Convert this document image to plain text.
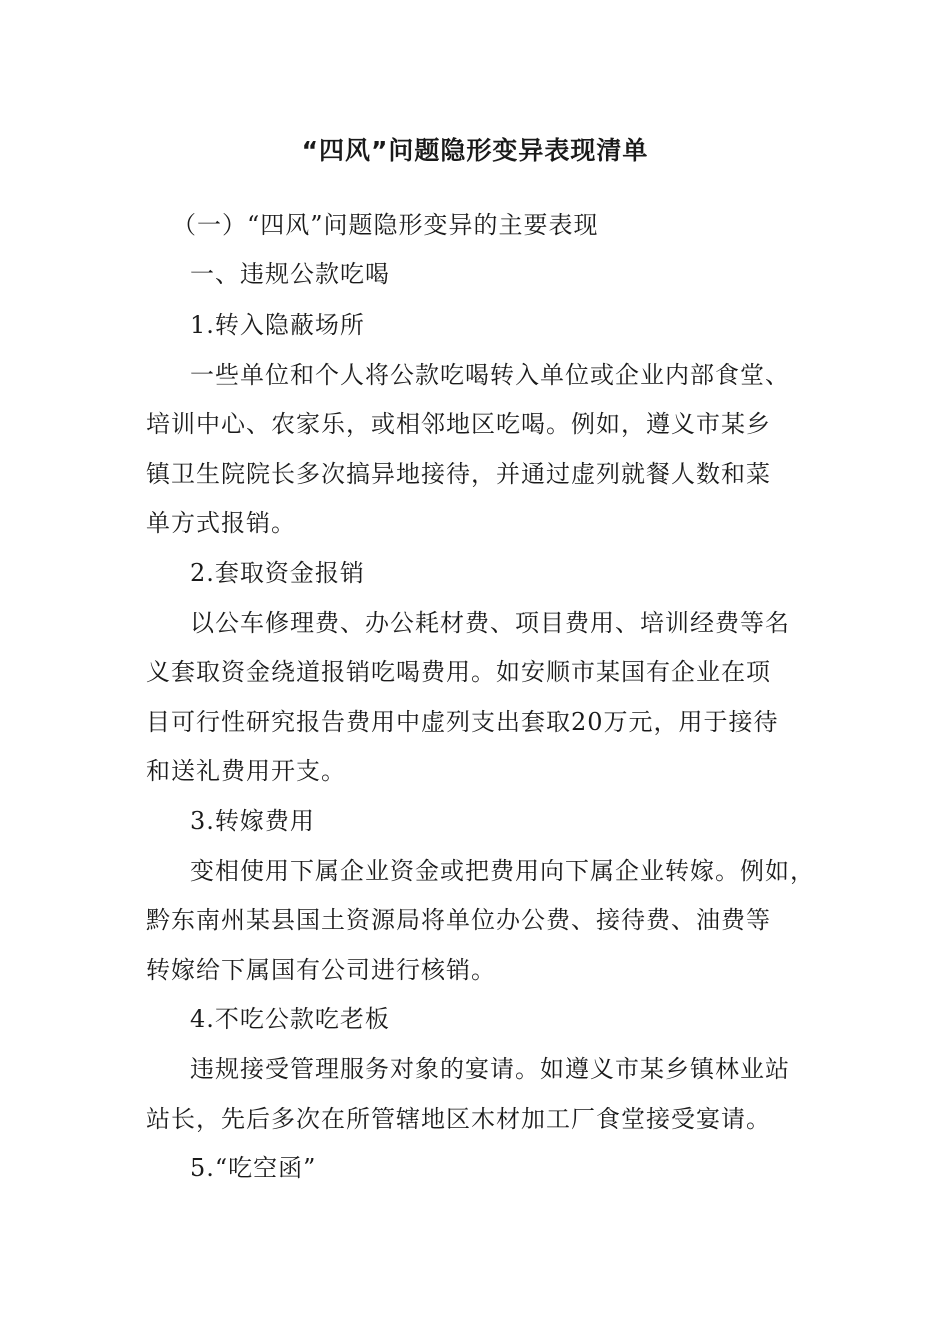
“四风”问题隐形变异表现清单

（一）“四风”问题隐形变异的主要表现

一、违规公款吃喝

1.转入隐蔽场所

一些单位和个人将公款吃喝转入单位或企业内部食堂、

培训中心、农家乐，或相邻地区吃喝。例如，遵义市某乡

镇卫生院院长多次搞异地接待，并通过虚列就餐人数和菜

单方式报销。

2.套取资金报销

以公车修理费、办公耗材费、项目费用、培训经费等名

义套取资金绕道报销吃喝费用。如安顺市某国有企业在项

目可行性研究报告费用中虚列支出套取20万元，用于接待

和送礼费用开支。

3.转嫁费用

变相使用下属企业资金或把费用向下属企业转嫁。例如，

黔东南州某县国土资源局将单位办公费、接待费、油费等

转嫁给下属国有公司进行核销。

4.不吃公款吃老板

违规接受管理服务对象的宴请。如遵义市某乡镇林业站

站长，先后多次在所管辖地区木材加工厂食堂接受宴请。

5.“吃空函”
